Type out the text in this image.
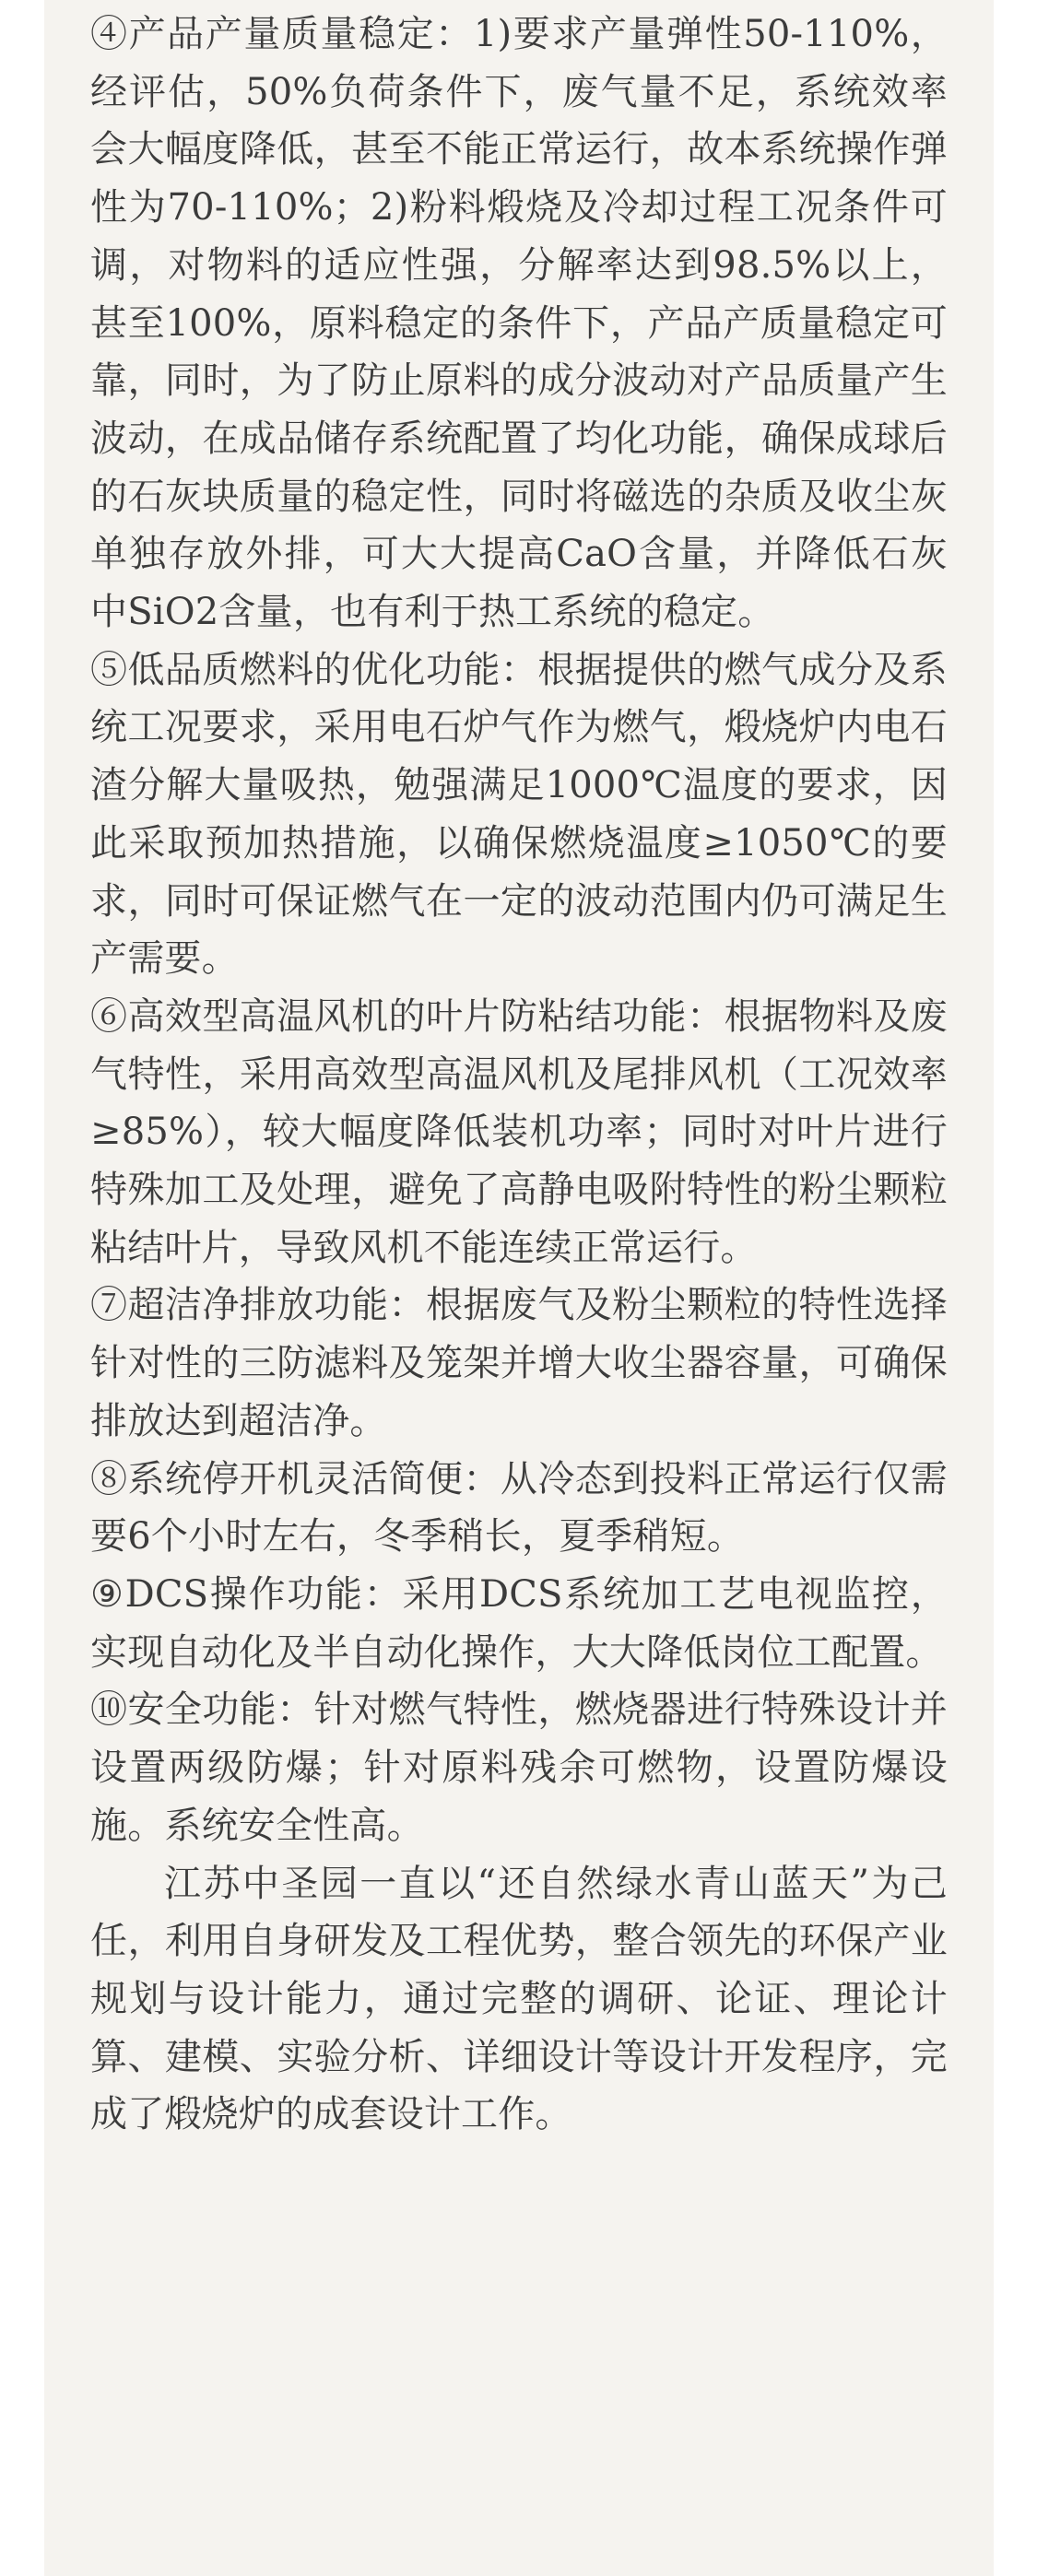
④产品产量质量稳定：1)要求产量弹性50-110%，经评估，50%负荷条件下，废气量不足，系统效率会大幅度降低，甚至不能正常运行，故本系统操作弹性为70-110%；2)粉料煅烧及冷却过程工况条件可调，对物料的适应性强，分解率达到98.5%以上，甚至100%，原料稳定的条件下，产品产质量稳定可靠，同时，为了防止原料的成分波动对产品质量产生波动，在成品储存系统配置了均化功能，确保成球后的石灰块质量的稳定性，同时将磁选的杂质及收尘灰单独存放外排，可大大提高CaO含量，并降低石灰中SiO2含量，也有利于热工系统的稳定。

⑤低品质燃料的优化功能：根据提供的燃气成分及系统工况要求，采用电石炉气作为燃气，煅烧炉内电石渣分解大量吸热，勉强满足1000℃温度的要求，因此采取预加热措施，以确保燃烧温度≥1050℃的要求，同时可保证燃气在一定的波动范围内仍可满足生产需要。

⑥高效型高温风机的叶片防粘结功能：根据物料及废气特性，采用高效型高温风机及尾排风机（工况效率≥85%），较大幅度降低装机功率；同时对叶片进行特殊加工及处理，避免了高静电吸附特性的粉尘颗粒粘结叶片，导致风机不能连续正常运行。

⑦超洁净排放功能：根据废气及粉尘颗粒的特性选择针对性的三防滤料及笼架并增大收尘器容量，可确保排放达到超洁净。

⑧系统停开机灵活简便：从冷态到投料正常运行仅需要6个小时左右，冬季稍长，夏季稍短。

⑨DCS操作功能：采用DCS系统加工艺电视监控，实现自动化及半自动化操作，大大降低岗位工配置。

⑩安全功能：针对燃气特性，燃烧器进行特殊设计并设置两级防爆；针对原料残余可燃物，设置防爆设施。系统安全性高。

江苏中圣园一直以“还自然绿水青山蓝天”为己任，利用自身研发及工程优势，整合领先的环保产业规划与设计能力，通过完整的调研、论证、理论计算、建模、实验分析、详细设计等设计开发程序，完成了煅烧炉的成套设计工作。
